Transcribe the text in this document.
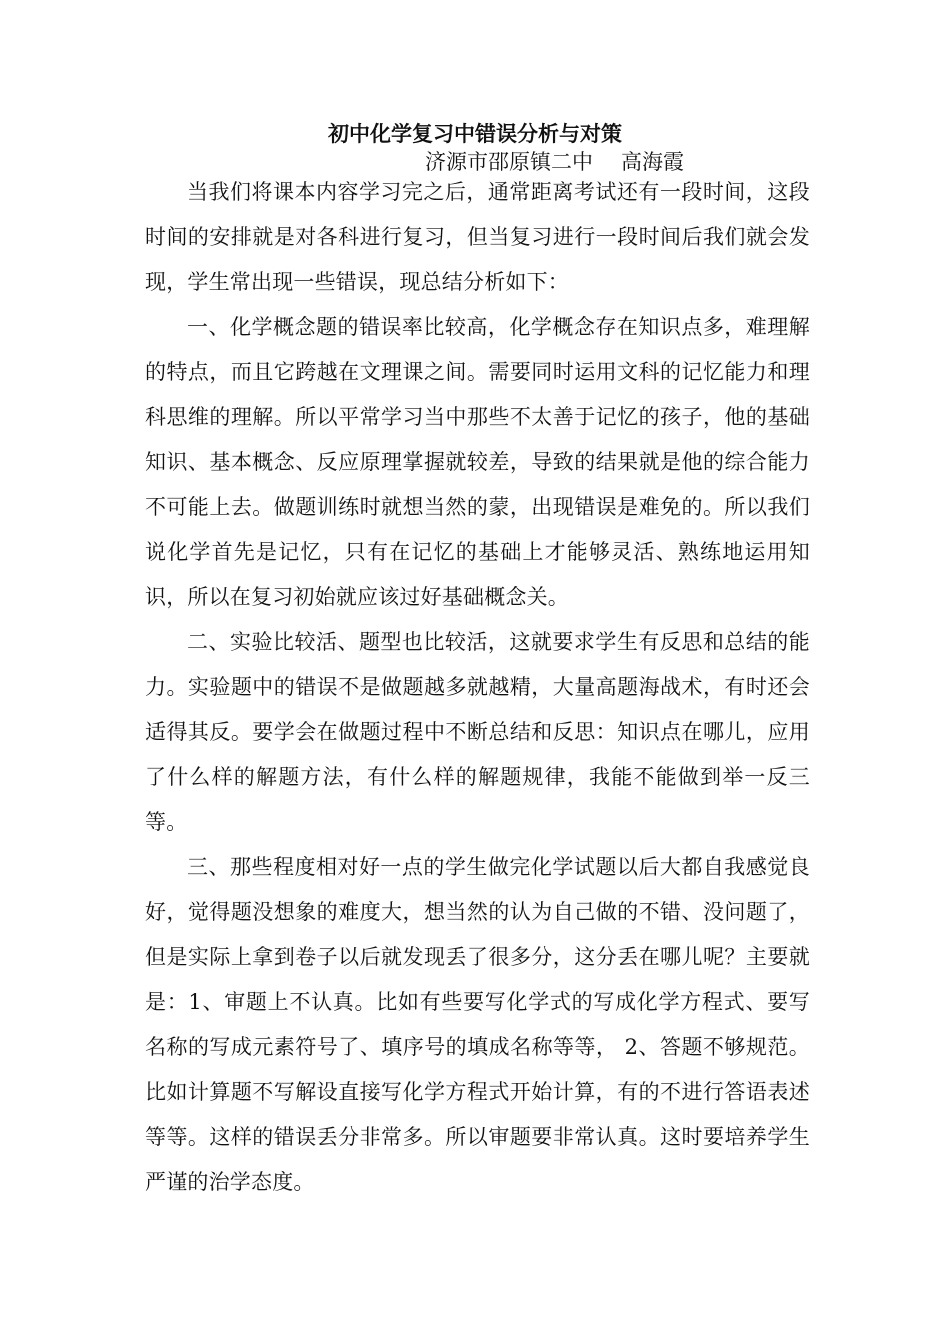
初中化学复习中错误分析与对策
济源市邵原镇二中 高海霞

当我们将课本内容学习完之后，通常距离考试还有一段时间，这段时间的安排就是对各科进行复习，但当复习进行一段时间后我们就会发现，学生常出现一些错误，现总结分析如下：

一、化学概念题的错误率比较高，化学概念存在知识点多，难理解的特点，而且它跨越在文理课之间。需要同时运用文科的记忆能力和理科思维的理解。所以平常学习当中那些不太善于记忆的孩子，他的基础知识、基本概念、反应原理掌握就较差，导致的结果就是他的综合能力不可能上去。做题训练时就想当然的蒙，出现错误是难免的。所以我们说化学首先是记忆，只有在记忆的基础上才能够灵活、熟练地运用知识，所以在复习初始就应该过好基础概念关。

二、实验比较活、题型也比较活，这就要求学生有反思和总结的能力。实验题中的错误不是做题越多就越精，大量高题海战术，有时还会适得其反。要学会在做题过程中不断总结和反思：知识点在哪儿，应用了什么样的解题方法，有什么样的解题规律，我能不能做到举一反三等。

三、那些程度相对好一点的学生做完化学试题以后大都自我感觉良好，觉得题没想象的难度大，想当然的认为自己做的不错、没问题了，但是实际上拿到卷子以后就发现丢了很多分，这分丢在哪儿呢？主要就是：1、审题上不认真。比如有些要写化学式的写成化学方程式、要写名称的写成元素符号了、填序号的填成名称等等， 2、答题不够规范。比如计算题不写解设直接写化学方程式开始计算，有的不进行答语表述等等。这样的错误丢分非常多。所以审题要非常认真。这时要培养学生严谨的治学态度。
